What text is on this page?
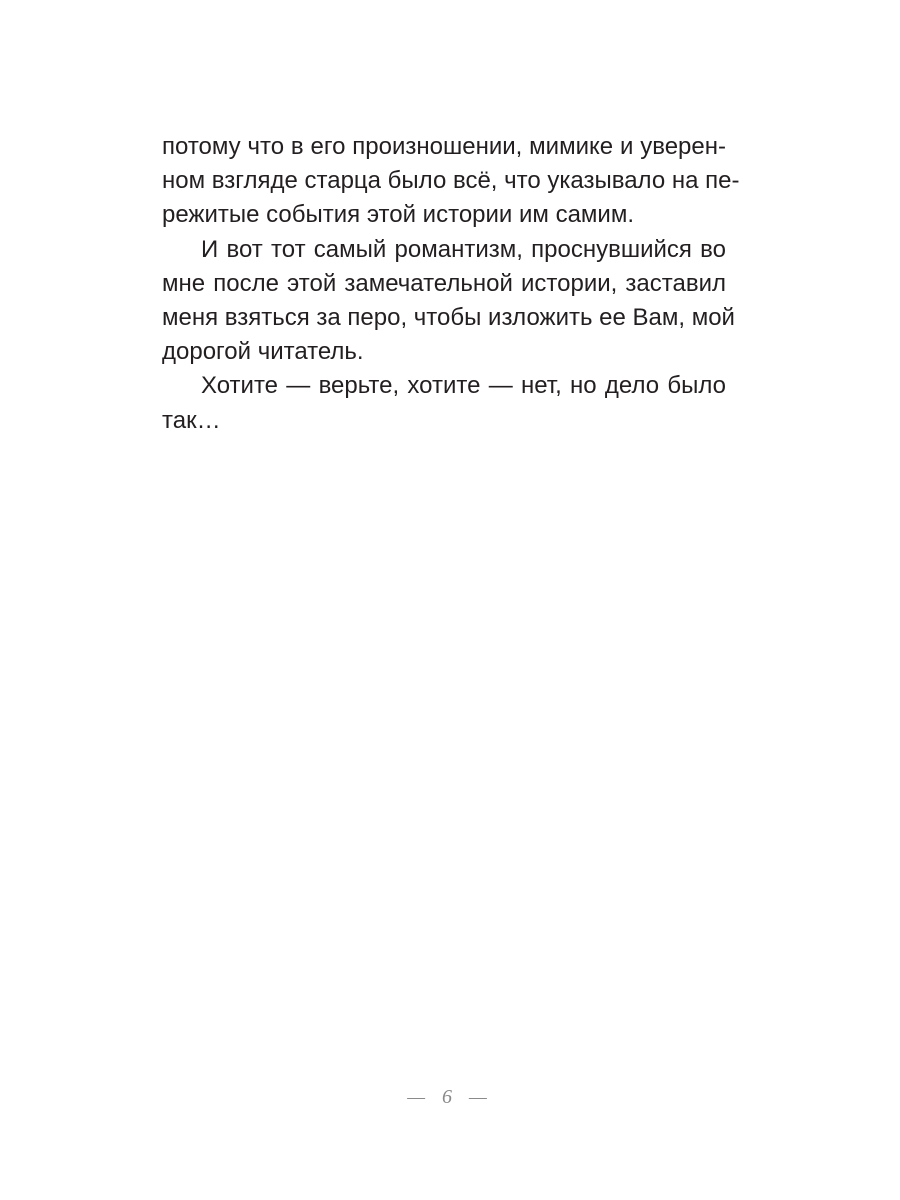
потому что в его произношении, мимике и уверен-
ном взгляде старца было всё, что указывало на пе-
режитые события этой истории им самим.
И вот тот самый романтизм, проснувшийся во
мне после этой замечательной истории, заставил
меня взяться за перо, чтобы изложить ее Вам, мой
дорогой читатель.
Хотите — верьте, хотите — нет, но дело было
так…
— 6 —
